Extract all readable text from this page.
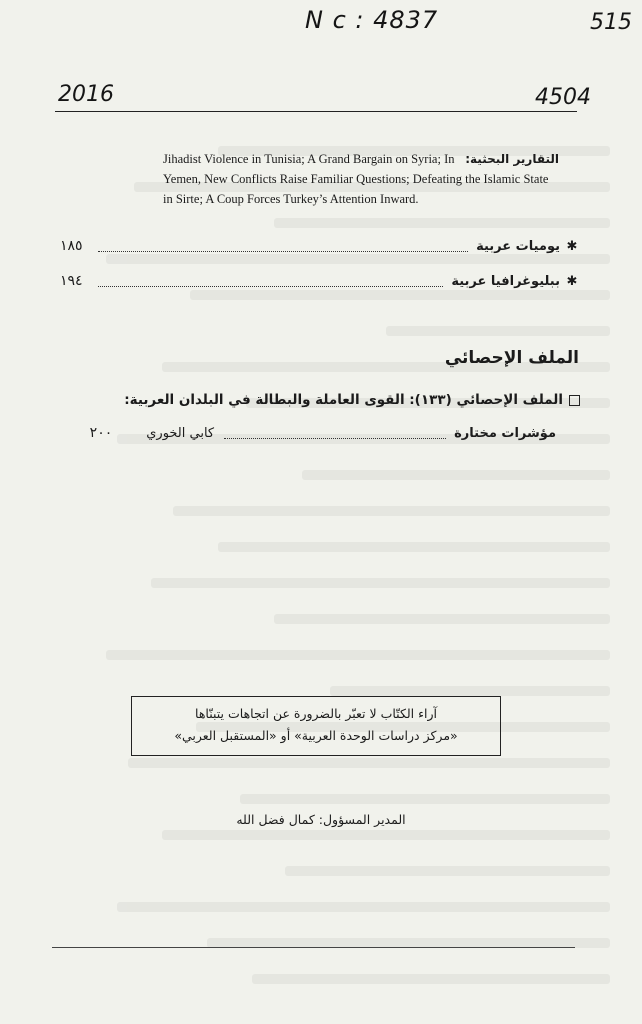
N c : 4837	515
2016	4504
التقارير البحثية:
Jihadist Violence in Tunisia; A Grand Bargain on Syria; In Yemen, New Conflicts Raise Familiar Questions; Defeating the Islamic State in Sirte; A Coup Forces Turkey’s Attention Inward.
✱
يوميات عربية
١٨٥
✱
ببليوغرافيا عربية
١٩٤
الملف الإحصائي
الملف الإحصائي (١٣٣): القوى العاملة والبطالة في البلدان العربية:
مؤشرات مختارة
كابي الخوري
٢٠٠
آراء الكتّاب لا تعبّر بالضرورة عن اتجاهات يتبنّاها
«مركز دراسات الوحدة العربية» أو «المستقبل العربي»
المدير المسؤول: كمال فضل الله
